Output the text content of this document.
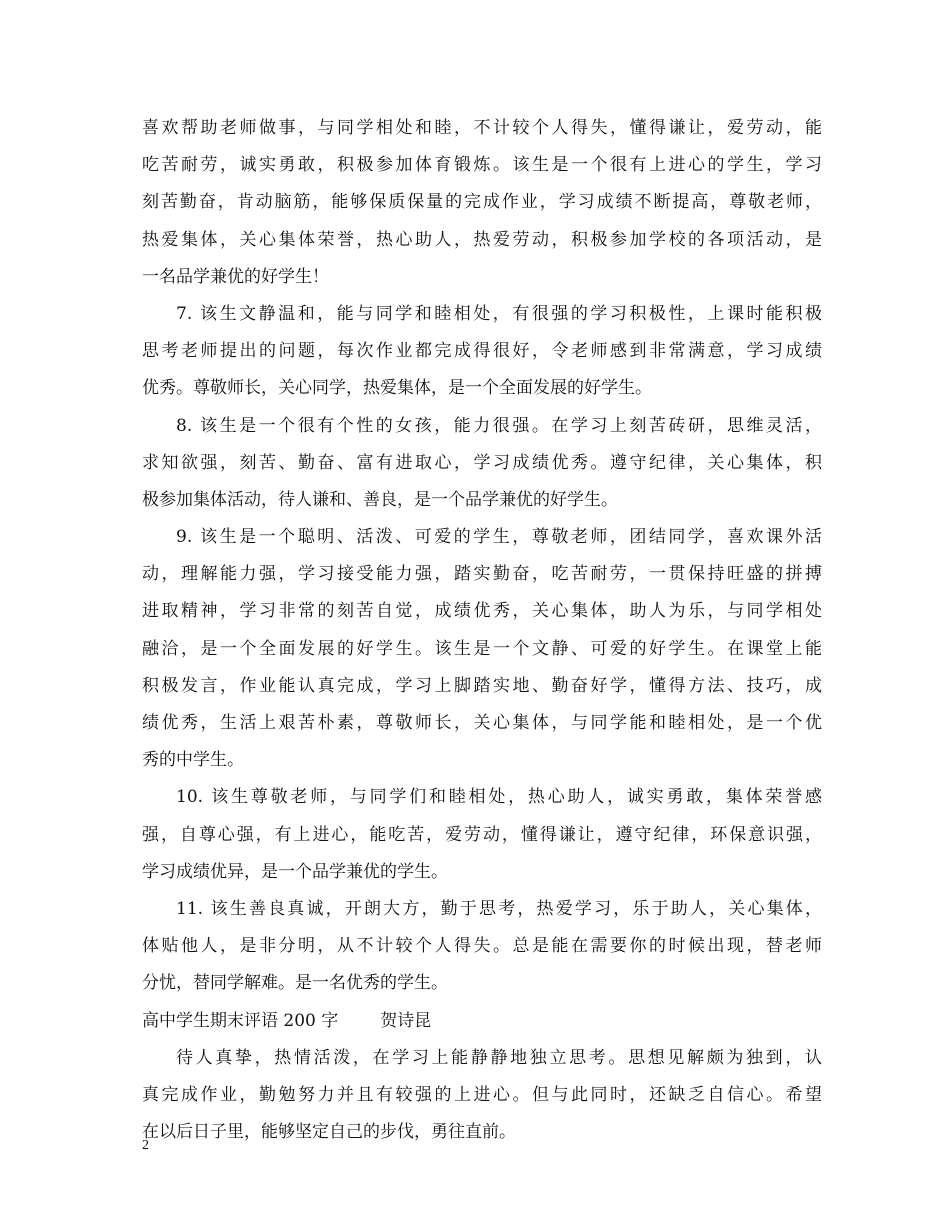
喜欢帮助老师做事，与同学相处和睦，不计较个人得失，懂得谦让，爱劳动，能
吃苦耐劳，诚实勇敢，积极参加体育锻炼。该生是一个很有上进心的学生，学习
刻苦勤奋，肯动脑筋，能够保质保量的完成作业，学习成绩不断提高，尊敬老师，
热爱集体，关心集体荣誉，热心助人，热爱劳动，积极参加学校的各项活动，是
一名品学兼优的好学生！
7. 该生文静温和，能与同学和睦相处，有很强的学习积极性，上课时能积极
思考老师提出的问题，每次作业都完成得很好，令老师感到非常满意，学习成绩
优秀。尊敬师长，关心同学，热爱集体，是一个全面发展的好学生。
8. 该生是一个很有个性的女孩，能力很强。在学习上刻苦砖研，思维灵活，
求知欲强，刻苦、勤奋、富有进取心，学习成绩优秀。遵守纪律，关心集体，积
极参加集体活动，待人谦和、善良，是一个品学兼优的好学生。
9. 该生是一个聪明、活泼、可爱的学生，尊敬老师，团结同学，喜欢课外活
动，理解能力强，学习接受能力强，踏实勤奋，吃苦耐劳，一贯保持旺盛的拼搏
进取精神，学习非常的刻苦自觉，成绩优秀，关心集体，助人为乐，与同学相处
融洽，是一个全面发展的好学生。该生是一个文静、可爱的好学生。在课堂上能
积极发言，作业能认真完成，学习上脚踏实地、勤奋好学，懂得方法、技巧，成
绩优秀，生活上艰苦朴素，尊敬师长，关心集体，与同学能和睦相处，是一个优
秀的中学生。
10. 该生尊敬老师，与同学们和睦相处，热心助人，诚实勇敢，集体荣誉感
强，自尊心强，有上进心，能吃苦，爱劳动，懂得谦让，遵守纪律，环保意识强，
学习成绩优异，是一个品学兼优的学生。
11. 该生善良真诚，开朗大方，勤于思考，热爱学习，乐于助人，关心集体，
体贴他人，是非分明，从不计较个人得失。总是能在需要你的时候出现，替老师
分忧，替同学解难。是一名优秀的学生。
高中学生期末评语 200 字 贺诗昆
待人真挚，热情活泼，在学习上能静静地独立思考。思想见解颇为独到，认
真完成作业，勤勉努力并且有较强的上进心。但与此同时，还缺乏自信心。希望
在以后日子里，能够坚定自己的步伐，勇往直前。
2
